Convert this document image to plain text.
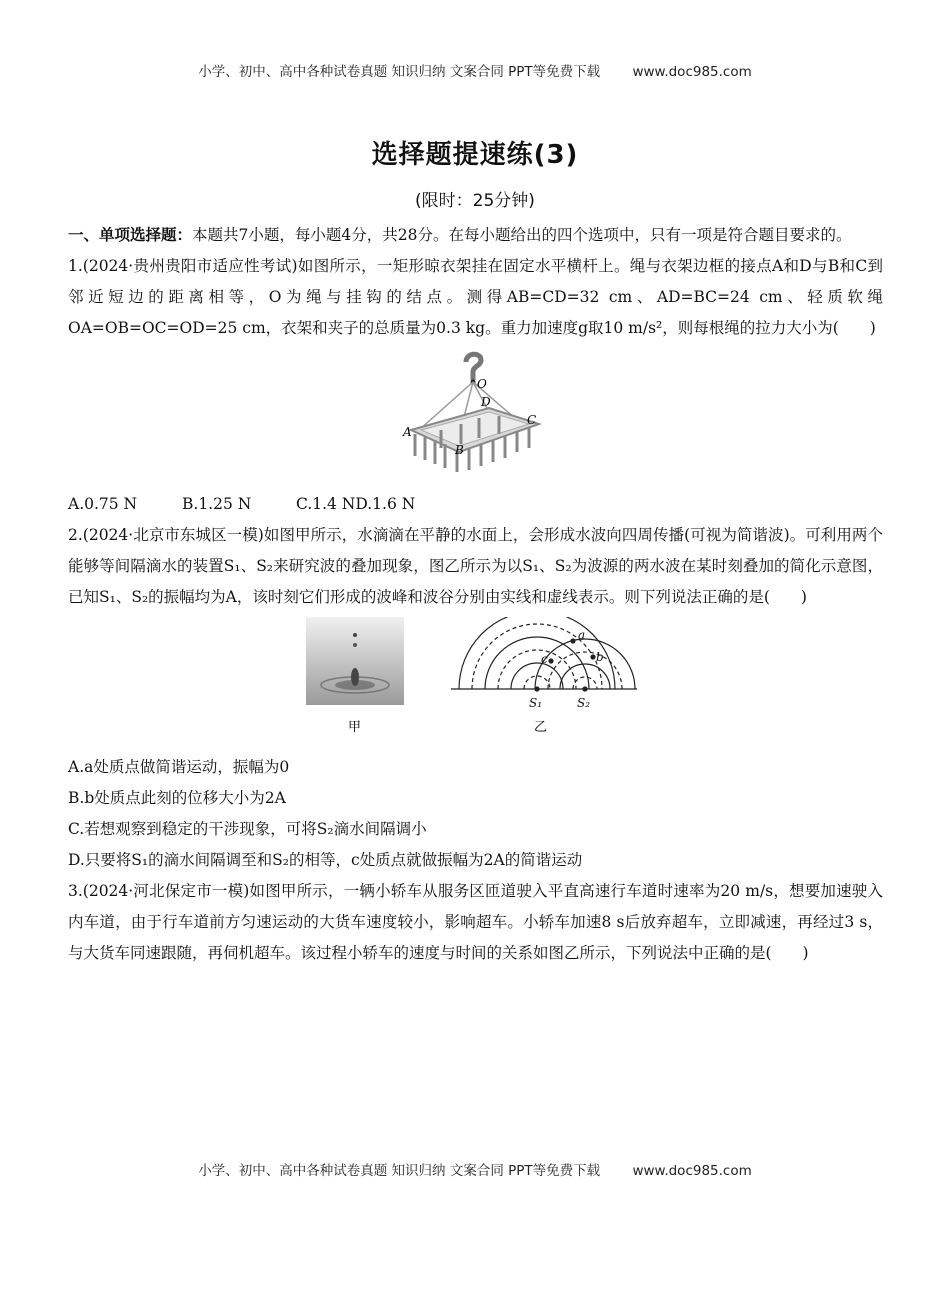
小学、初中、高中各种试卷真题 知识归纳 文案合同 PPT等免费下载 www.doc985.com
选择题提速练(3)
(限时：25分钟)

一、单项选择题：本题共7小题，每小题4分，共28分。在每小题给出的四个选项中，只有一项是符合题目要求的。

1.(2024·贵州贵阳市适应性考试)如图所示，一矩形晾衣架挂在固定水平横杆上。绳与衣架边框的接点A和D与B和C到邻近短边的距离相等，O为绳与挂钩的结点。测得AB=CD=32 cm、AD=BC=24 cm、轻质软绳OA=OB=OC=OD=25 cm，衣架和夹子的总质量为0.3 kg。重力加速度g取10 m/s²，则每根绳的拉力大小为(　　)

O
D
C
A
B

A.0.75 N	B.1.25 N	C.1.4 ND.1.6 N

2.(2024·北京市东城区一模)如图甲所示，水滴滴在平静的水面上，会形成水波向四周传播(可视为简谐波)。可利用两个能够等间隔滴水的装置S₁、S₂来研究波的叠加现象，图乙所示为以S₁、S₂为波源的两水波在某时刻叠加的简化示意图，已知S₁、S₂的振幅均为A，该时刻它们形成的波峰和波谷分别由实线和虚线表示。则下列说法正确的是(　　)

甲
a
b
c
S₁	S₂
乙

A.a处质点做简谐运动，振幅为0

B.b处质点此刻的位移大小为2A

C.若想观察到稳定的干涉现象，可将S₂滴水间隔调小

D.只要将S₁的滴水间隔调至和S₂的相等，c处质点就做振幅为2A的简谐运动

3.(2024·河北保定市一模)如图甲所示，一辆小轿车从服务区匝道驶入平直高速行车道时速率为20 m/s，想要加速驶入内车道，由于行车道前方匀速运动的大货车速度较小，影响超车。小轿车加速8 s后放弃超车，立即减速，再经过3 s，与大货车同速跟随，再伺机超车。该过程小轿车的速度与时间的关系如图乙所示，下列说法中正确的是(　　)

小学、初中、高中各种试卷真题 知识归纳 文案合同 PPT等免费下载 www.doc985.com
